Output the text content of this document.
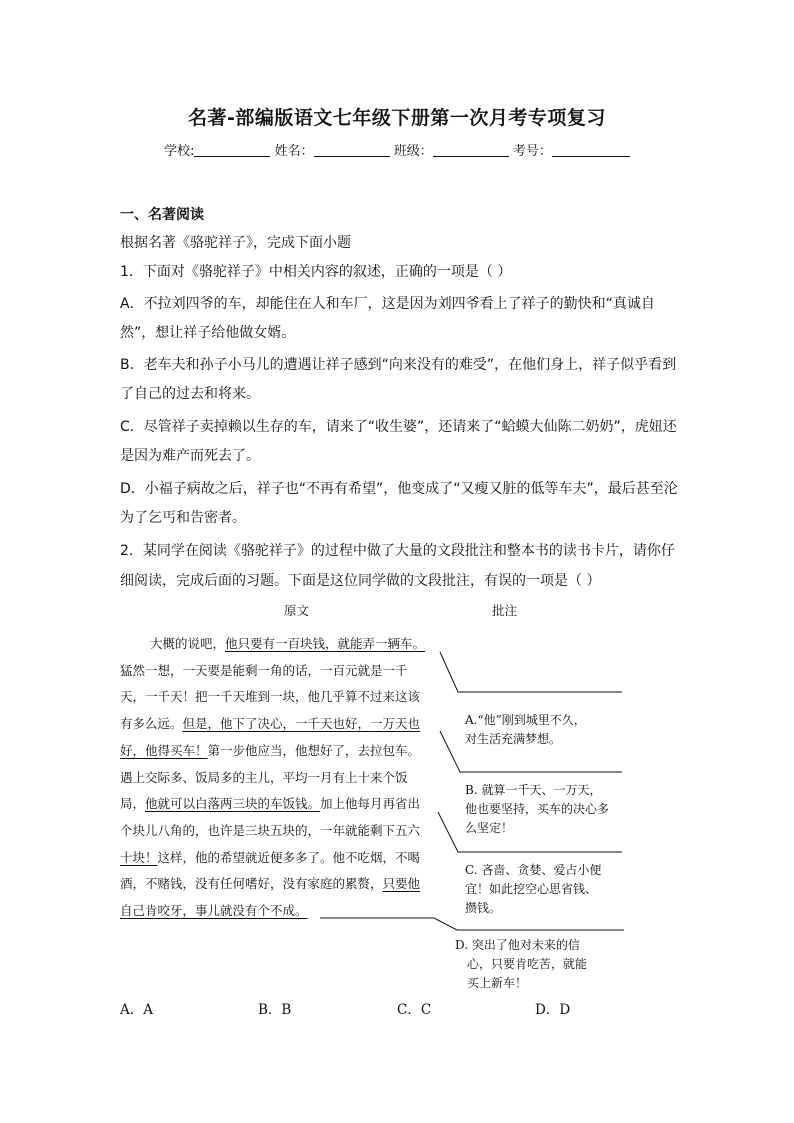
名著-部编版语文七年级下册第一次月考专项复习
学校:	姓名：	班级：	考号：
一、名著阅读
根据名著《骆驼祥子》，完成下面小题
1．下面对《骆驼祥子》中相关内容的叙述，正确的一项是（ ）
A．不拉刘四爷的车，却能住在人和车厂，这是因为刘四爷看上了祥子的勤快和“真诚自
然”，想让祥子给他做女婿。
B．老车夫和孙子小马儿的遭遇让祥子感到“向来没有的难受”，在他们身上，祥子似乎看到
了自己的过去和将来。
C．尽管祥子卖掉赖以生存的车，请来了“收生婆”，还请来了“蛤蟆大仙陈二奶奶”，虎妞还
是因为难产而死去了。
D．小福子病故之后，祥子也“不再有希望”，他变成了“又瘦又脏的低等车夫”，最后甚至沦
为了乞丐和告密者。
2．某同学在阅读《骆驼祥子》的过程中做了大量的文段批注和整本书的读书卡片，请你仔
细阅读，完成后面的习题。下面是这位同学做的文段批注，有误的一项是（ ）
原文	批注
大概的说吧，他只要有一百块钱，就能弄一辆车。
猛然一想，一天要是能剩一角的话，一百元就是一千
天，一千天！把一千天堆到一块，他几乎算不过来这该
有多么远。但是，他下了决心，一千天也好，一万天也
好，他得买车！第一步他应当，他想好了，去拉包车。
遇上交际多、饭局多的主儿，平均一月有上十来个饭
局，他就可以白落两三块的车饭钱。加上他每月再省出
个块儿八角的，也许是三块五块的，一年就能剩下五六
十块！这样，他的希望就近便多多了。他不吃烟，不喝
酒，不赌钱，没有任何嗜好，没有家庭的累赘，只要他
自己肯咬牙，事儿就没有个不成。
A.“他”刚到城里不久，
对生活充满梦想。
B. 就算一千天、一万天，
他也要坚持，买车的决心多
么坚定！
C. 吝啬、贪婪、爱占小便
宜！如此挖空心思省钱、
攒钱。
D. 突出了他对未来的信
心，只要肯吃苦，就能
买上新车！
A．A	B．B	C．C	D．D
